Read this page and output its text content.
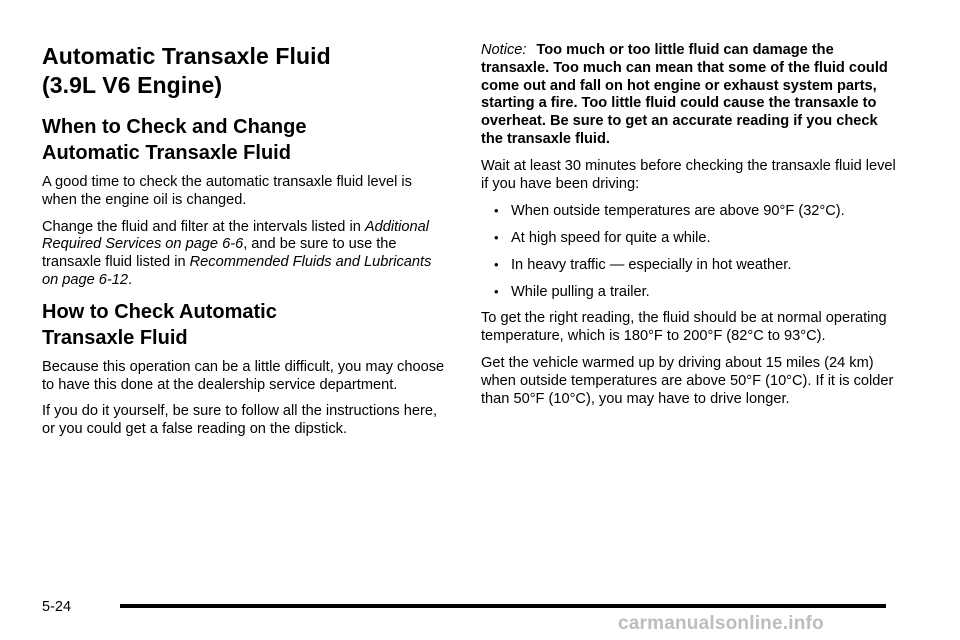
Automatic Transaxle Fluid
(3.9L V6 Engine)
When to Check and Change
Automatic Transaxle Fluid

A good time to check the automatic transaxle fluid level is when the engine oil is changed.

Change the fluid and filter at the intervals listed in Additional Required Services on page 6-6, and be sure to use the transaxle fluid listed in Recommended Fluids and Lubricants on page 6-12.

How to Check Automatic
Transaxle Fluid

Because this operation can be a little difficult, you may choose to have this done at the dealership service department.

If you do it yourself, be sure to follow all the instructions here, or you could get a false reading on the dipstick.

Notice: Too much or too little fluid can damage the transaxle. Too much can mean that some of the fluid could come out and fall on hot engine or exhaust system parts, starting a fire. Too little fluid could cause the transaxle to overheat. Be sure to get an accurate reading if you check the transaxle fluid.

Wait at least 30 minutes before checking the transaxle fluid level if you have been driving:

• When outside temperatures are above 90°F (32°C).
• At high speed for quite a while.
• In heavy traffic — especially in hot weather.
• While pulling a trailer.

To get the right reading, the fluid should be at normal operating temperature, which is 180°F to 200°F (82°C to 93°C).

Get the vehicle warmed up by driving about 15 miles (24 km) when outside temperatures are above 50°F (10°C). If it is colder than 50°F (10°C), you may have to drive longer.

5-24
carmanualsonline.info
